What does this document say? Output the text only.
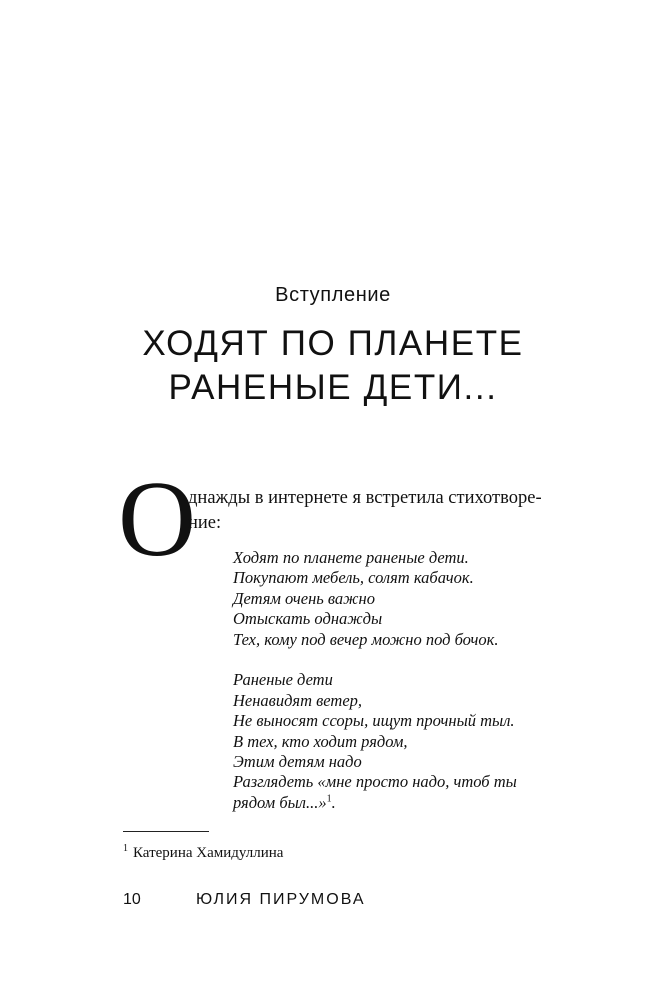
Вступление
ХОДЯТ ПО ПЛАНЕТЕ
РАНЕНЫЕ ДЕТИ...
О
днажды в интернете я встретила стихотворе-
ние:
Ходят по планете раненые дети.
Покупают мебель, солят кабачок.
Детям очень важно
Отыскать однажды
Тех, кому под вечер можно под бочок.
Раненые дети
Ненавидят ветер,
Не выносят ссоры, ищут прочный тыл.
В тех, кто ходит рядом,
Этим детям надо
Разглядеть «мне просто надо, чтоб ты
рядом был...»$^1$.
$^1$ Катерина Хамидуллина
10	ЮЛИЯ ПИРУМОВА
